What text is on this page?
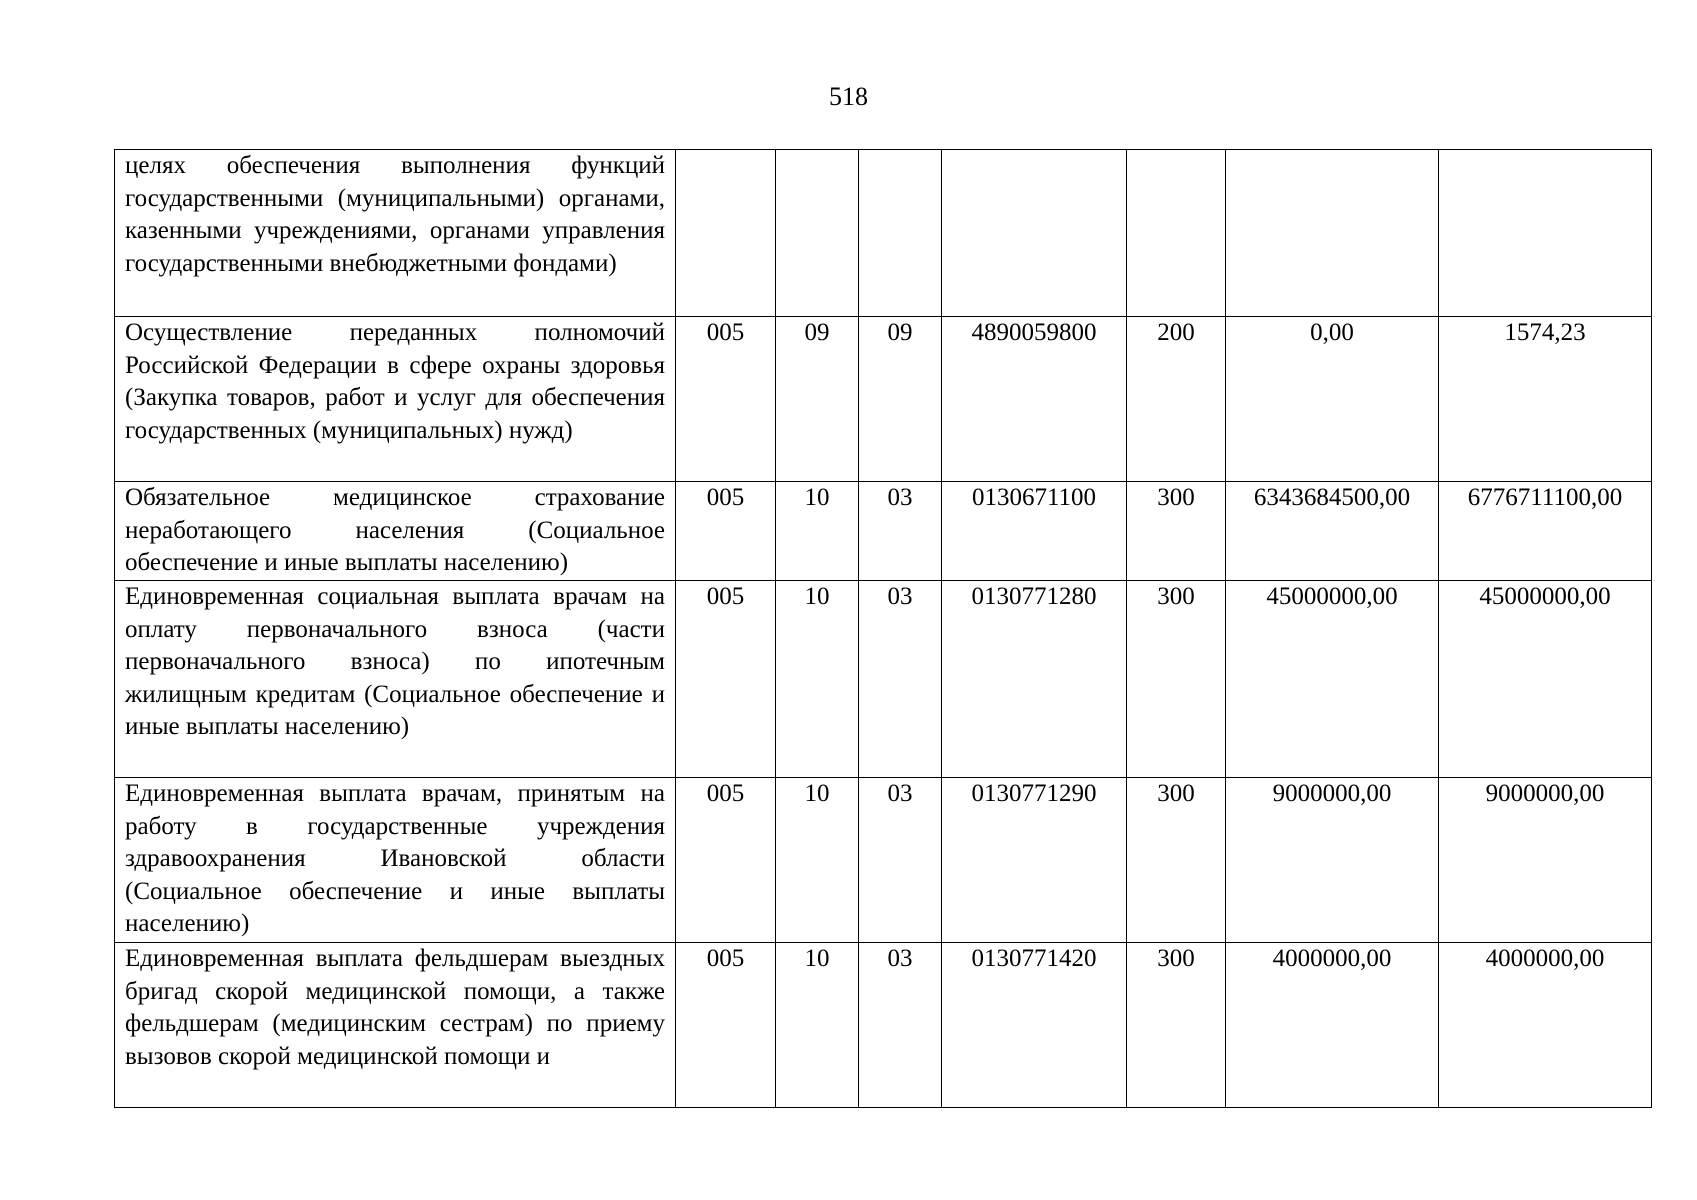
518
целях обеспечения выполнения функций государственными (муниципальными) органами, казенными учреждениями, органами управления государственными внебюджетными фондами)							
Осуществление переданных полномочий Российской Федерации в сфере охраны здоровья (Закупка товаров, работ и услуг для обеспечения государственных (муниципальных) нужд)	005	09	09	4890059800	200	0,00	1574,23
Обязательное медицинское страхование неработающего населения (Социальное обеспечение и иные выплаты населению)	005	10	03	0130671100	300	6343684500,00	6776711100,00
Единовременная социальная выплата врачам на оплату первоначального взноса (части первоначального взноса) по ипотечным жилищным кредитам (Социальное обеспечение и иные выплаты населению)	005	10	03	0130771280	300	45000000,00	45000000,00
Единовременная выплата врачам, принятым на работу в государственные учреждения здравоохранения Ивановской области (Социальное обеспечение и иные выплаты населению)	005	10	03	0130771290	300	9000000,00	9000000,00
Единовременная выплата фельдшерам выездных бригад скорой медицинской помощи, а также фельдшерам (медицинским сестрам) по приему вызовов скорой медицинской помощи и	005	10	03	0130771420	300	4000000,00	4000000,00
